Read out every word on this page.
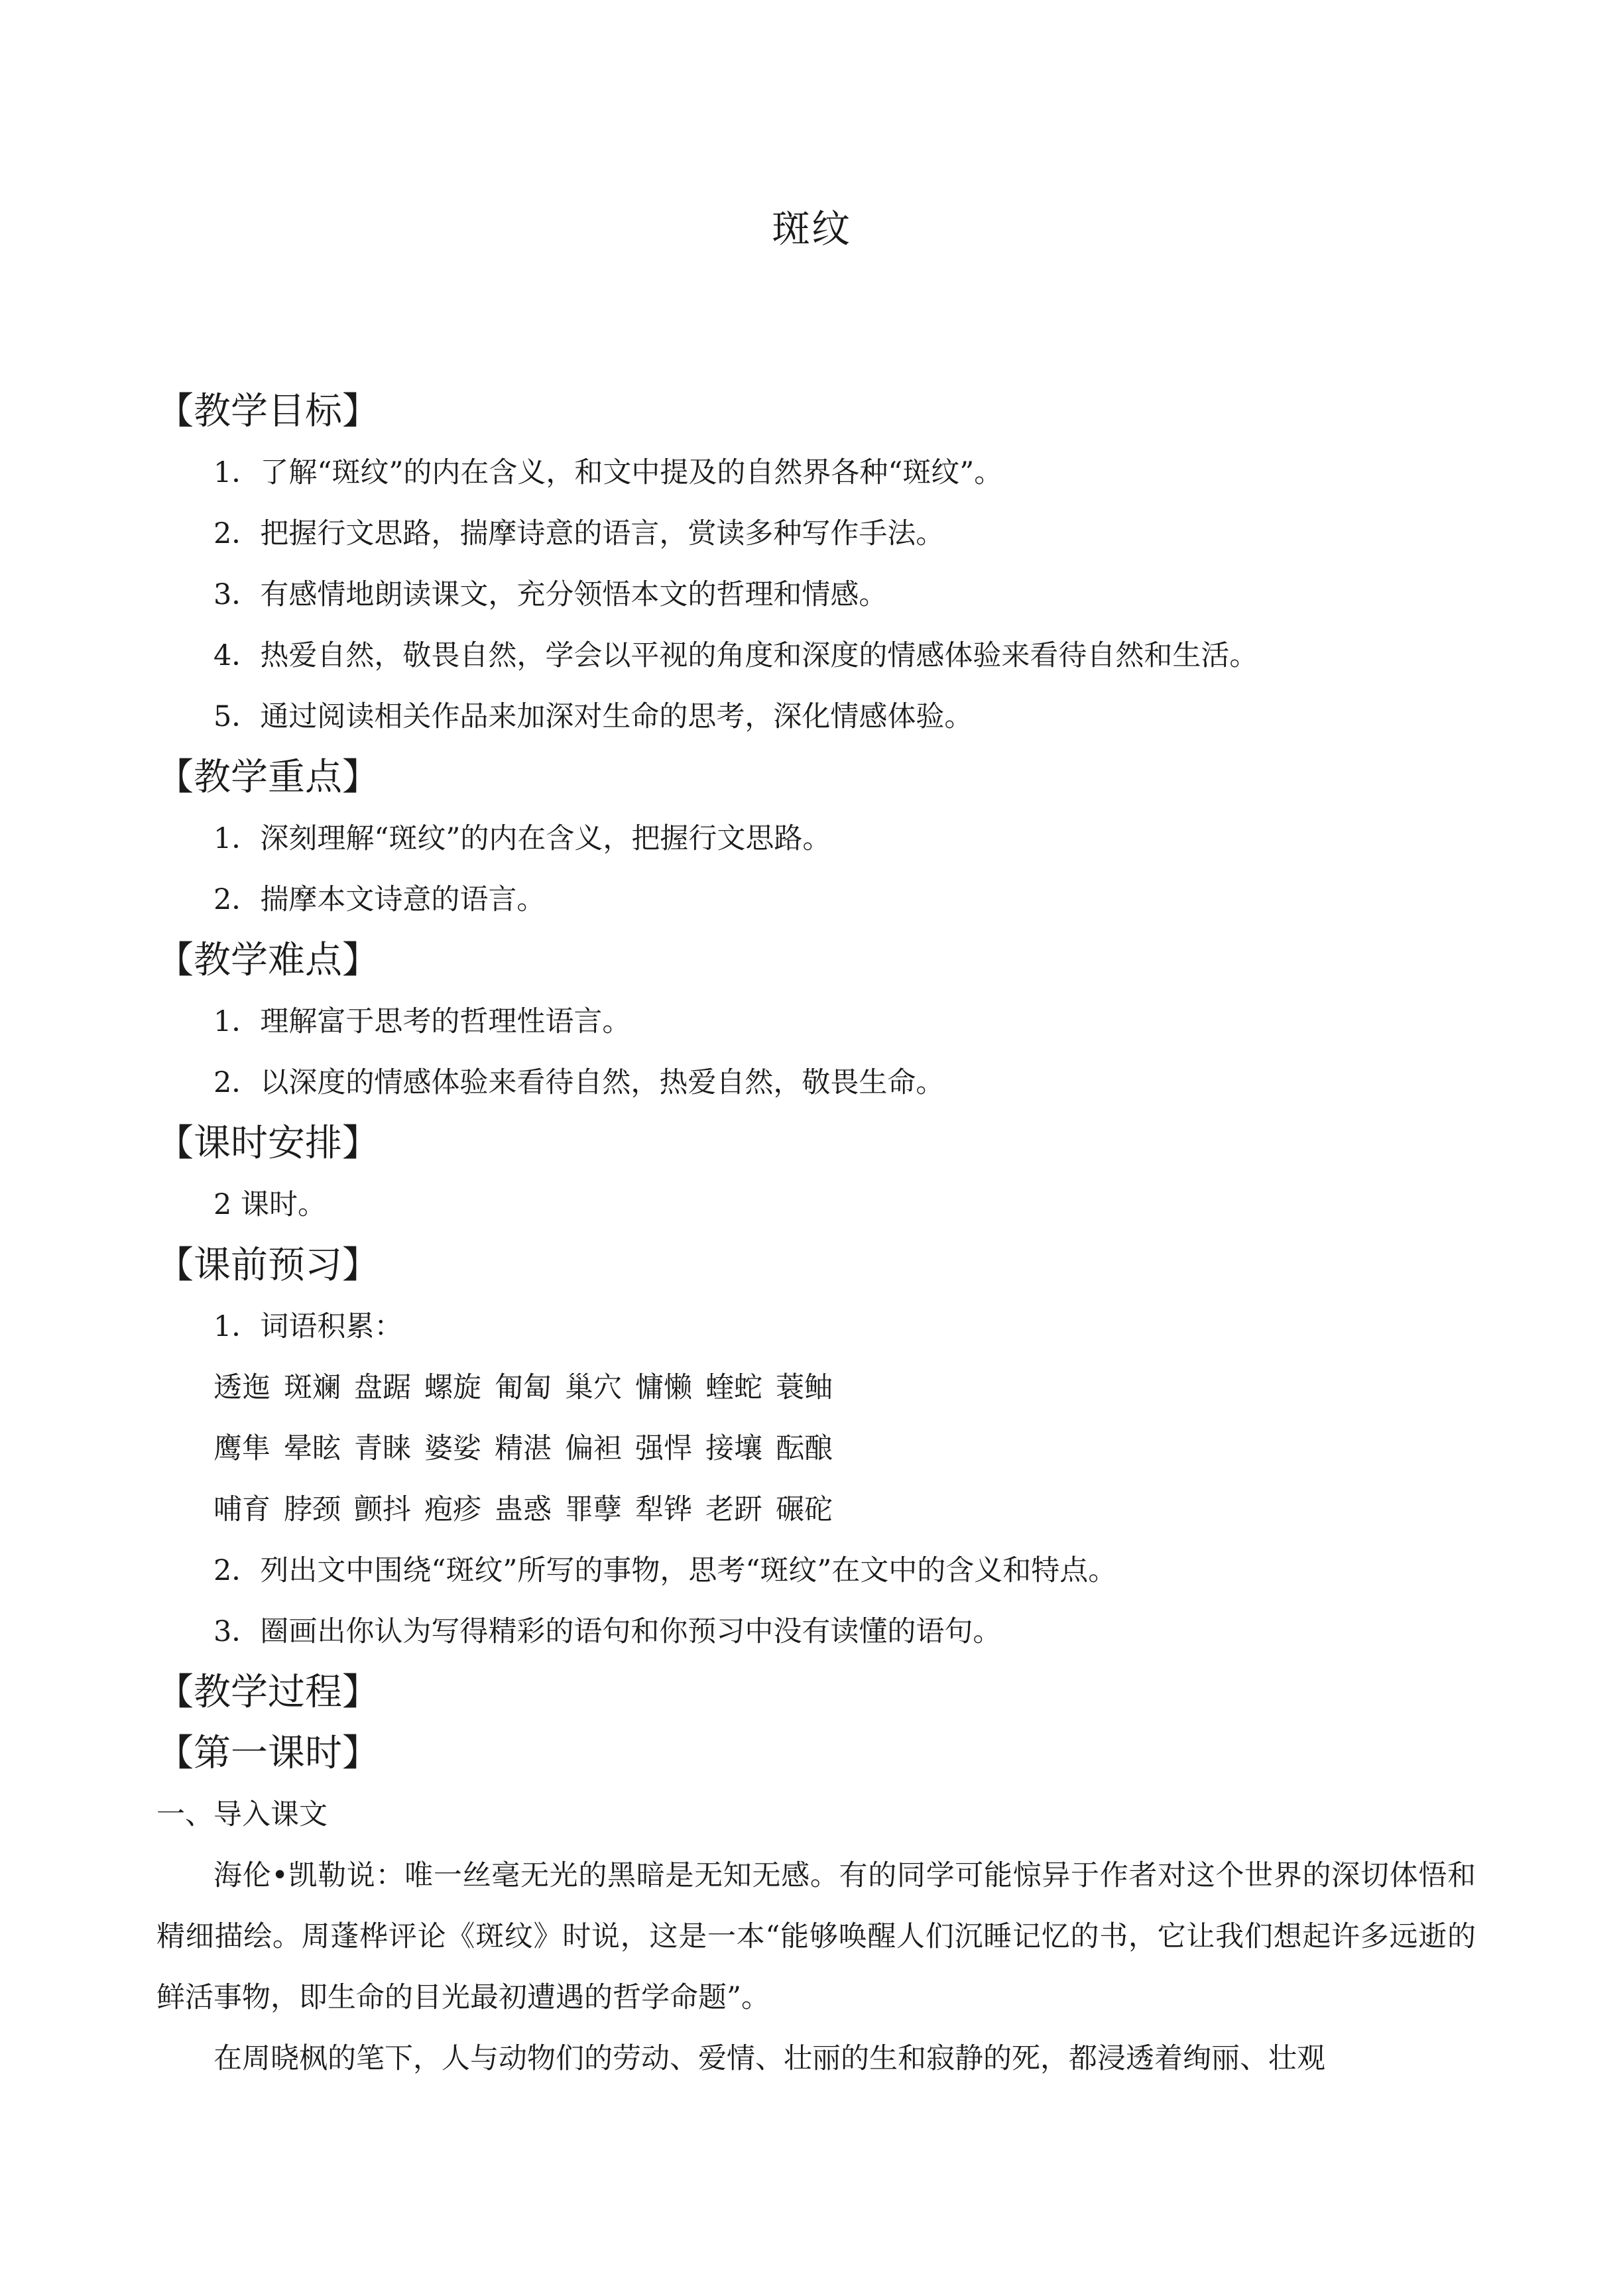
斑纹
【教学目标】
1．了解“斑纹”的内在含义，和文中提及的自然界各种“斑纹”。
2．把握行文思路，揣摩诗意的语言，赏读多种写作手法。
3．有感情地朗读课文，充分领悟本文的哲理和情感。
4．热爱自然，敬畏自然，学会以平视的角度和深度的情感体验来看待自然和生活。
5．通过阅读相关作品来加深对生命的思考，深化情感体验。
【教学重点】
1．深刻理解“斑纹”的内在含义，把握行文思路。
2．揣摩本文诗意的语言。
【教学难点】
1．理解富于思考的哲理性语言。
2．以深度的情感体验来看待自然，热爱自然，敬畏生命。
【课时安排】
2 课时。
【课前预习】
1．词语积累：
透迤 斑斓 盘踞 螺旋 匍匐 巢穴 慵懒 蝰蛇 蓑鲉
鹰隼 晕眩 青睐 婆娑 精湛 偏袒 强悍 接壤 酝酿
哺育 脖颈 颤抖 疱疹 蛊惑 罪孽 犁铧 老趼 碾砣
2．列出文中围绕“斑纹”所写的事物，思考“斑纹”在文中的含义和特点。
3．圈画出你认为写得精彩的语句和你预习中没有读懂的语句。
【教学过程】
【第一课时】
一、导入课文
海伦•凯勒说：唯一丝毫无光的黑暗是无知无感。有的同学可能惊异于作者对这个世界的深切体悟和精细描绘。周蓬桦评论《斑纹》时说，这是一本“能够唤醒人们沉睡记忆的书，它让我们想起许多远逝的鲜活事物，即生命的目光最初遭遇的哲学命题”。
在周晓枫的笔下，人与动物们的劳动、爱情、壮丽的生和寂静的死，都浸透着绚丽、壮观
